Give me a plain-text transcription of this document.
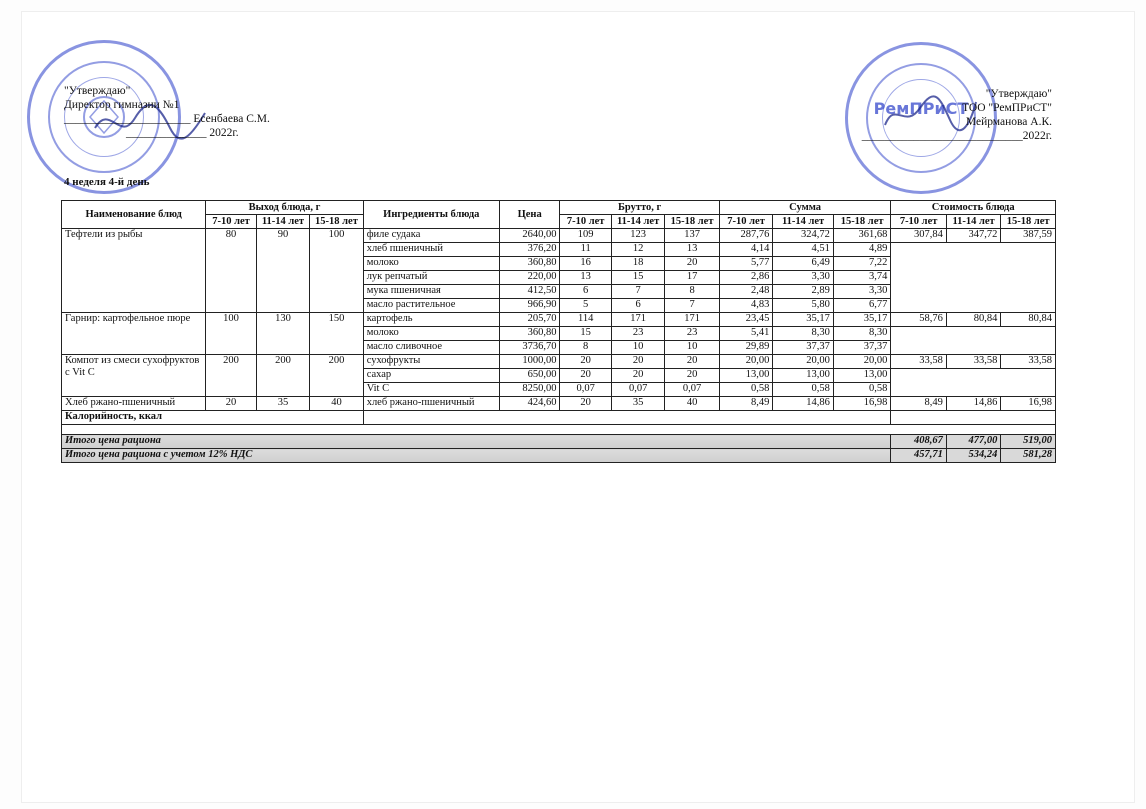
РемПРиСТ
"Утверждаю"
Директор гимназии №1
______________________ Есенбаева С.М.
______________ 2022г.
"Утверждаю"
ТОО "РемПРиСТ"
Мейрманова А.К.
____________________________2022г.
4 неделя 4-й день
Наименование блюд	Выход блюда, г			Ингредиенты блюда	Цена	Брутто, г			Сумма			Стоимость блюда		
	7-10 лет	11-14 лет	15-18 лет			7-10 лет	11-14 лет	15-18 лет	7-10 лет	11-14 лет	15-18 лет	7-10 лет	11-14 лет	15-18 лет
Тефтели из рыбы	80	90	100	филе судака	2640,00	109	123	137	287,76	324,72	361,68	307,84	347,72	387,59
				хлеб пшеничный	376,20	11	12	13	4,14	4,51	4,89			
				молоко	360,80	16	18	20	5,77	6,49	7,22			
				лук репчатый	220,00	13	15	17	2,86	3,30	3,74			
				мука пшеничная	412,50	6	7	8	2,48	2,89	3,30			
				масло растительное	966,90	5	6	7	4,83	5,80	6,77			
Гарнир: картофельное пюре	100	130	150	картофель	205,70	114	171	171	23,45	35,17	35,17	58,76	80,84	80,84
				молоко	360,80	15	23	23	5,41	8,30	8,30			
				масло сливочное	3736,70	8	10	10	29,89	37,37	37,37			
Компот из смеси сухофруктов с Vit C	200	200	200	сухофрукты	1000,00	20	20	20	20,00	20,00	20,00	33,58	33,58	33,58
				сахар	650,00	20	20	20	13,00	13,00	13,00			
				Vit C	8250,00	0,07	0,07	0,07	0,58	0,58	0,58			
Хлеб ржано-пшеничный	20	35	40	хлеб ржано-пшеничный	424,60	20	35	40	8,49	14,86	16,98	8,49	14,86	16,98
Калорийность, ккал														

Итого цена рациона												408,67	477,00	519,00
Итого цена рациона с учетом 12% НДС												457,71	534,24	581,28
